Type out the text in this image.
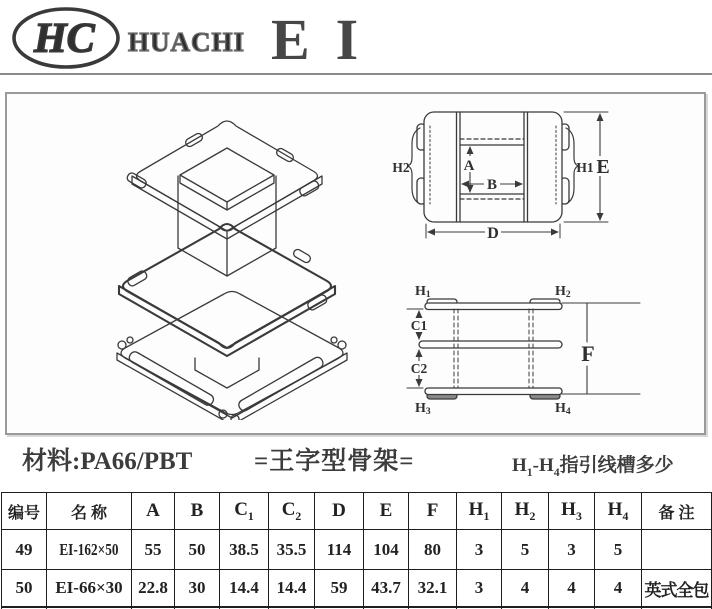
HC HUACHI EI
H2	H1 E
A
B
D
H1	H2
H3	H4
C1
C2
F
材料:PA66/PBT =王字型骨架=	$H_1-H_4$指引线槽多少
编号	名 称	A	B	$C_1$	$C_2$	D	E	F	$H_1$	$H_2$	$H_3$	$H_4$	备 注
49	EI-162×50	55	50	38.5	35.5	114	104	80	3	5	3	5	
50	EI-66×30	22.8	30	14.4	14.4	59	43.7	32.1	3	4	4	4	英式全包
